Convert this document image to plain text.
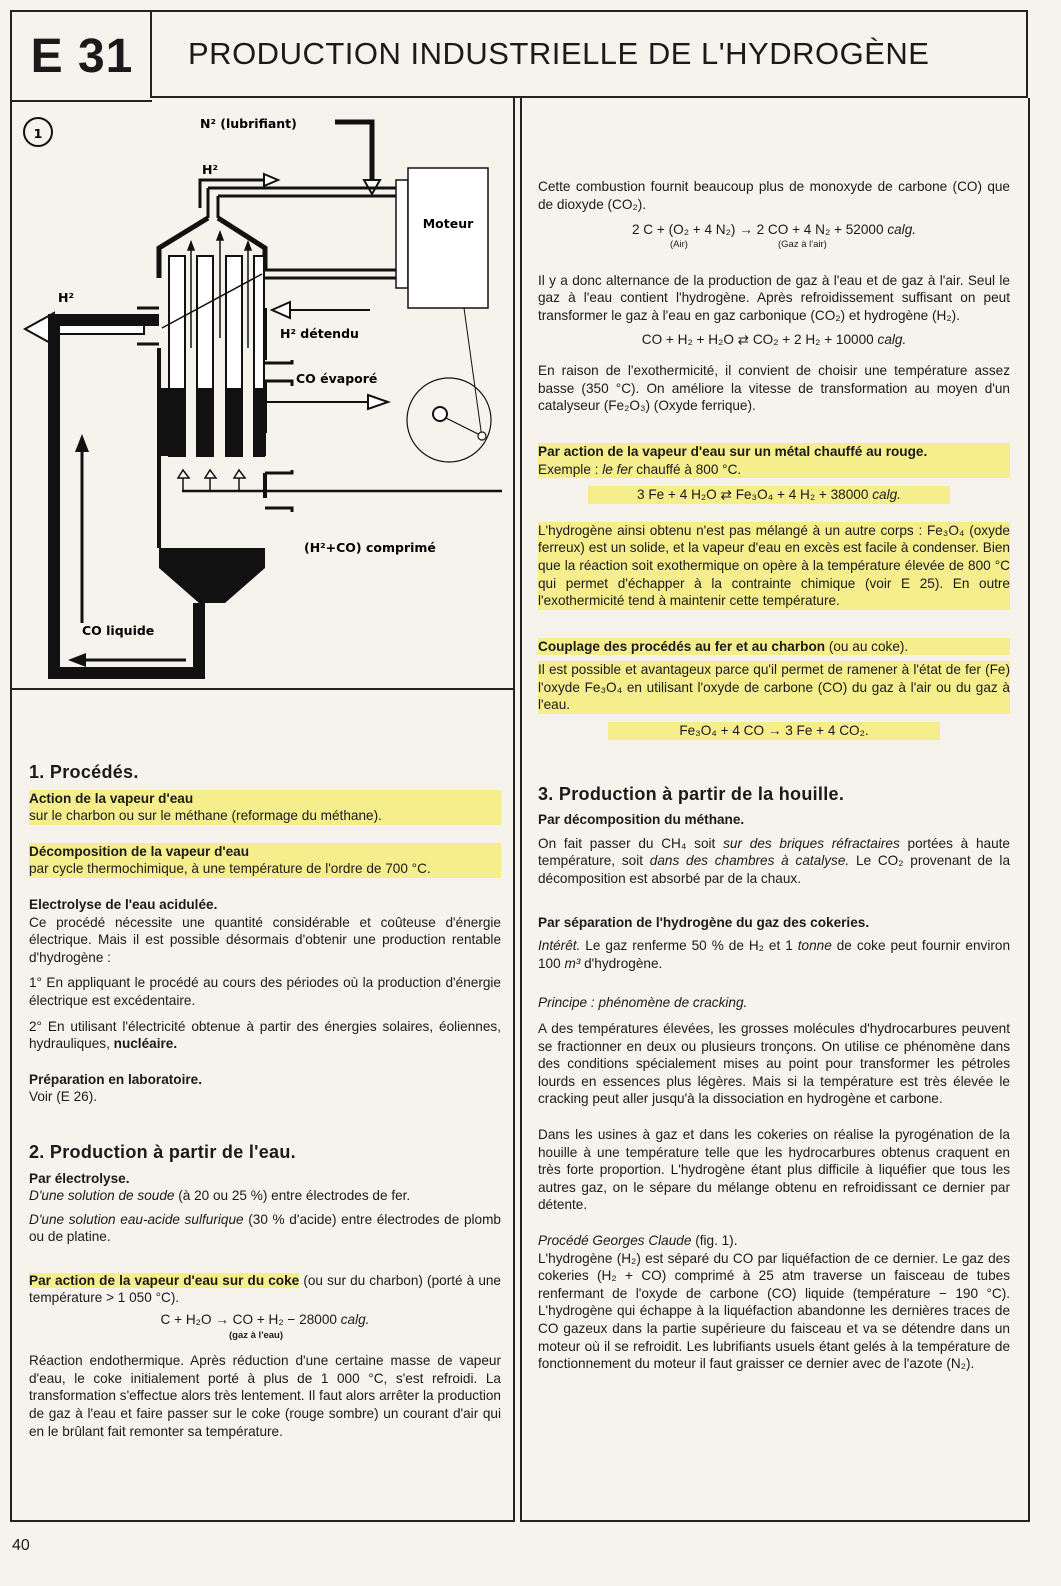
E 31	PRODUCTION INDUSTRIELLE DE L'HYDROGÈNE
1
N² (lubrifiant)
H²
Moteur
H²
H² détendu
CO évaporé
(H²+CO) comprimé
CO liquide
1. Procédés.

Action de la vapeur d'eau
sur le charbon ou sur le méthane (reformage du méthane).

Décomposition de la vapeur d'eau
par cycle thermochimique, à une température de l'ordre de 700 °C.

Electrolyse de l'eau acidulée.
Ce procédé nécessite une quantité considérable et coûteuse d'énergie électrique. Mais il est possible désormais d'obtenir une production rentable d'hydrogène :

1° En appliquant le procédé au cours des périodes où la production d'énergie électrique est excédentaire.

2° En utilisant l'électricité obtenue à partir des énergies solaires, éoliennes, hydrauliques, nucléaire.

Préparation en laboratoire.
Voir (E 26).

2. Production à partir de l'eau.

Par électrolyse.
D'une solution de soude (à 20 ou 25 %) entre électrodes de fer.

D'une solution eau-acide sulfurique (30 % d'acide) entre électrodes de plomb ou de platine.

Par action de la vapeur d'eau sur du coke (ou sur du charbon) (porté à une température > 1 050 °C).

C + H₂O → CO + H₂ − 28000 calg.
(gaz à l'eau)

Réaction endothermique. Après réduction d'une certaine masse de vapeur d'eau, le coke initialement porté à plus de 1 000 °C, s'est refroidi. La transformation s'effectue alors très lentement. Il faut alors arrêter la production de gaz à l'eau et faire passer sur le coke (rouge sombre) un courant d'air qui en le brûlant fait remonter sa température.

Cette combustion fournit beaucoup plus de monoxyde de carbone (CO) que de dioxyde (CO₂).

2 C + (O₂ + 4 N₂) → 2 CO + 4 N₂ + 52000 calg.
(Air)	(Gaz à l'air)

Il y a donc alternance de la production de gaz à l'eau et de gaz à l'air. Seul le gaz à l'eau contient l'hydrogène. Après refroidissement suffisant on peut transformer le gaz à l'eau en gaz carbonique (CO₂) et hydrogène (H₂).

CO + H₂ + H₂O ⇄ CO₂ + 2 H₂ + 10000 calg.

En raison de l'exothermicité, il convient de choisir une température assez basse (350 °C). On améliore la vitesse de transformation au moyen d'un catalyseur (Fe₂O₃) (Oxyde ferrique).

Par action de la vapeur d'eau sur un métal chauffé au rouge.
Exemple : le fer chauffé à 800 °C.

3 Fe + 4 H₂O ⇄ Fe₃O₄ + 4 H₂ + 38000 calg.

L'hydrogène ainsi obtenu n'est pas mélangé à un autre corps : Fe₃O₄ (oxyde ferreux) est un solide, et la vapeur d'eau en excès est facile à condenser. Bien que la réaction soit exothermique on opère à la température élevée de 800 °C qui permet d'échapper à la contrainte chimique (voir E 25). En outre l'exothermicité tend à maintenir cette température.

Couplage des procédés au fer et au charbon (ou au coke).

Il est possible et avantageux parce qu'il permet de ramener à l'état de fer (Fe) l'oxyde Fe₃O₄ en utilisant l'oxyde de carbone (CO) du gaz à l'air ou du gaz à l'eau.

Fe₃O₄ + 4 CO → 3 Fe + 4 CO₂.
3. Production à partir de la houille.

Par décomposition du méthane.

On fait passer du CH₄ soit sur des briques réfractaires portées à haute température, soit dans des chambres à catalyse. Le CO₂ provenant de la décomposition est absorbé par de la chaux.

Par séparation de l'hydrogène du gaz des cokeries.

Intérêt. Le gaz renferme 50 % de H₂ et 1 tonne de coke peut fournir environ 100 m³ d'hydrogène.

Principe : phénomène de cracking.

A des températures élevées, les grosses molécules d'hydrocarbures peuvent se fractionner en deux ou plusieurs tronçons. On utilise ce phénomène dans des conditions spécialement mises au point pour transformer les pétroles lourds en essences plus légères. Mais si la température est très élevée le cracking peut aller jusqu'à la dissociation en hydrogène et carbone.

Dans les usines à gaz et dans les cokeries on réalise la pyrogénation de la houille à une température telle que les hydrocarbures obtenus craquent en très forte proportion. L'hydrogène étant plus difficile à liquéfier que tous les autres gaz, on le sépare du mélange obtenu en refroidissant ce dernier par détente.

Procédé Georges Claude (fig. 1).

L'hydrogène (H₂) est séparé du CO par liquéfaction de ce dernier. Le gaz des cokeries (H₂ + CO) comprimé à 25 atm traverse un faisceau de tubes renfermant de l'oxyde de carbone (CO) liquide (température − 190 °C). L'hydrogène qui échappe à la liquéfaction abandonne les dernières traces de CO gazeux dans la partie supérieure du faisceau et va se détendre dans un moteur où il se refroidit. Les lubrifiants usuels étant gelés à la température de fonctionnement du moteur il faut graisser ce dernier avec de l'azote (N₂).

40
